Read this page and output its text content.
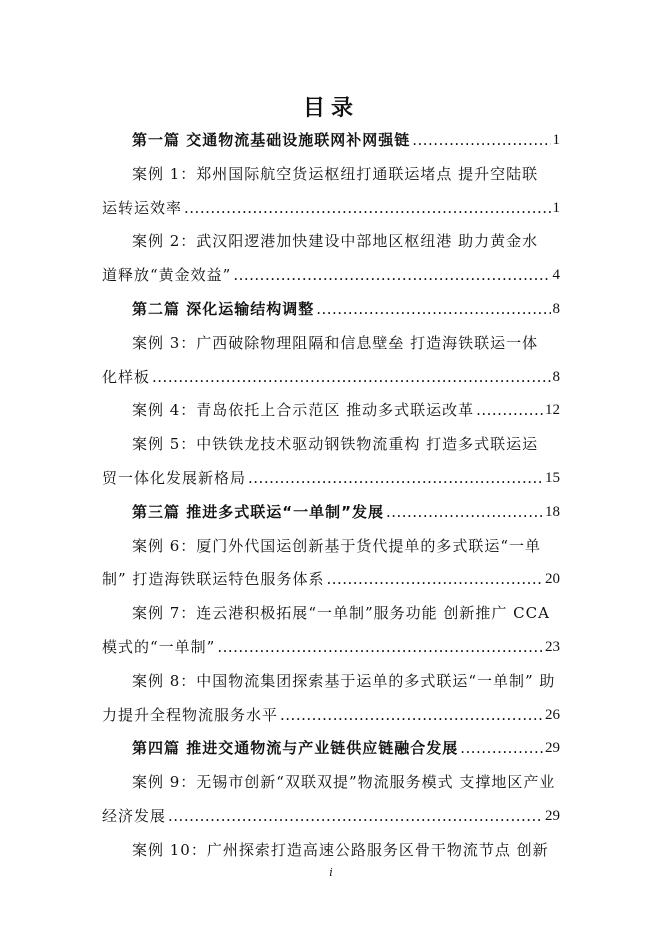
目录
第一篇 交通物流基础设施联网补网强链 .....	1
案例 1：郑州国际航空货运枢纽打通联运堵点 提升空陆联
运转运效率 .....	1
案例 2：武汉阳逻港加快建设中部地区枢纽港 助力黄金水
道释放“黄金效益” .....	4
第二篇 深化运输结构调整 .....	8
案例 3：广西破除物理阻隔和信息壁垒 打造海铁联运一体
化样板 .....	8
案例 4：青岛依托上合示范区 推动多式联运改革 .....	12
案例 5：中铁铁龙技术驱动钢铁物流重构 打造多式联运运
贸一体化发展新格局 .....	15
第三篇 推进多式联运“一单制”发展 .....	18
案例 6：厦门外代国运创新基于货代提单的多式联运“一单
制” 打造海铁联运特色服务体系 .....	20
案例 7：连云港积极拓展“一单制”服务功能 创新推广 CCA
模式的“一单制” .....	23
案例 8：中国物流集团探索基于运单的多式联运“一单制” 助
力提升全程物流服务水平 .....	26
第四篇 推进交通物流与产业链供应链融合发展 .....	29
案例 9：无锡市创新“双联双提”物流服务模式 支撑地区产业
经济发展 .....	29
案例 10：广州探索打造高速公路服务区骨干物流节点 创新
i
